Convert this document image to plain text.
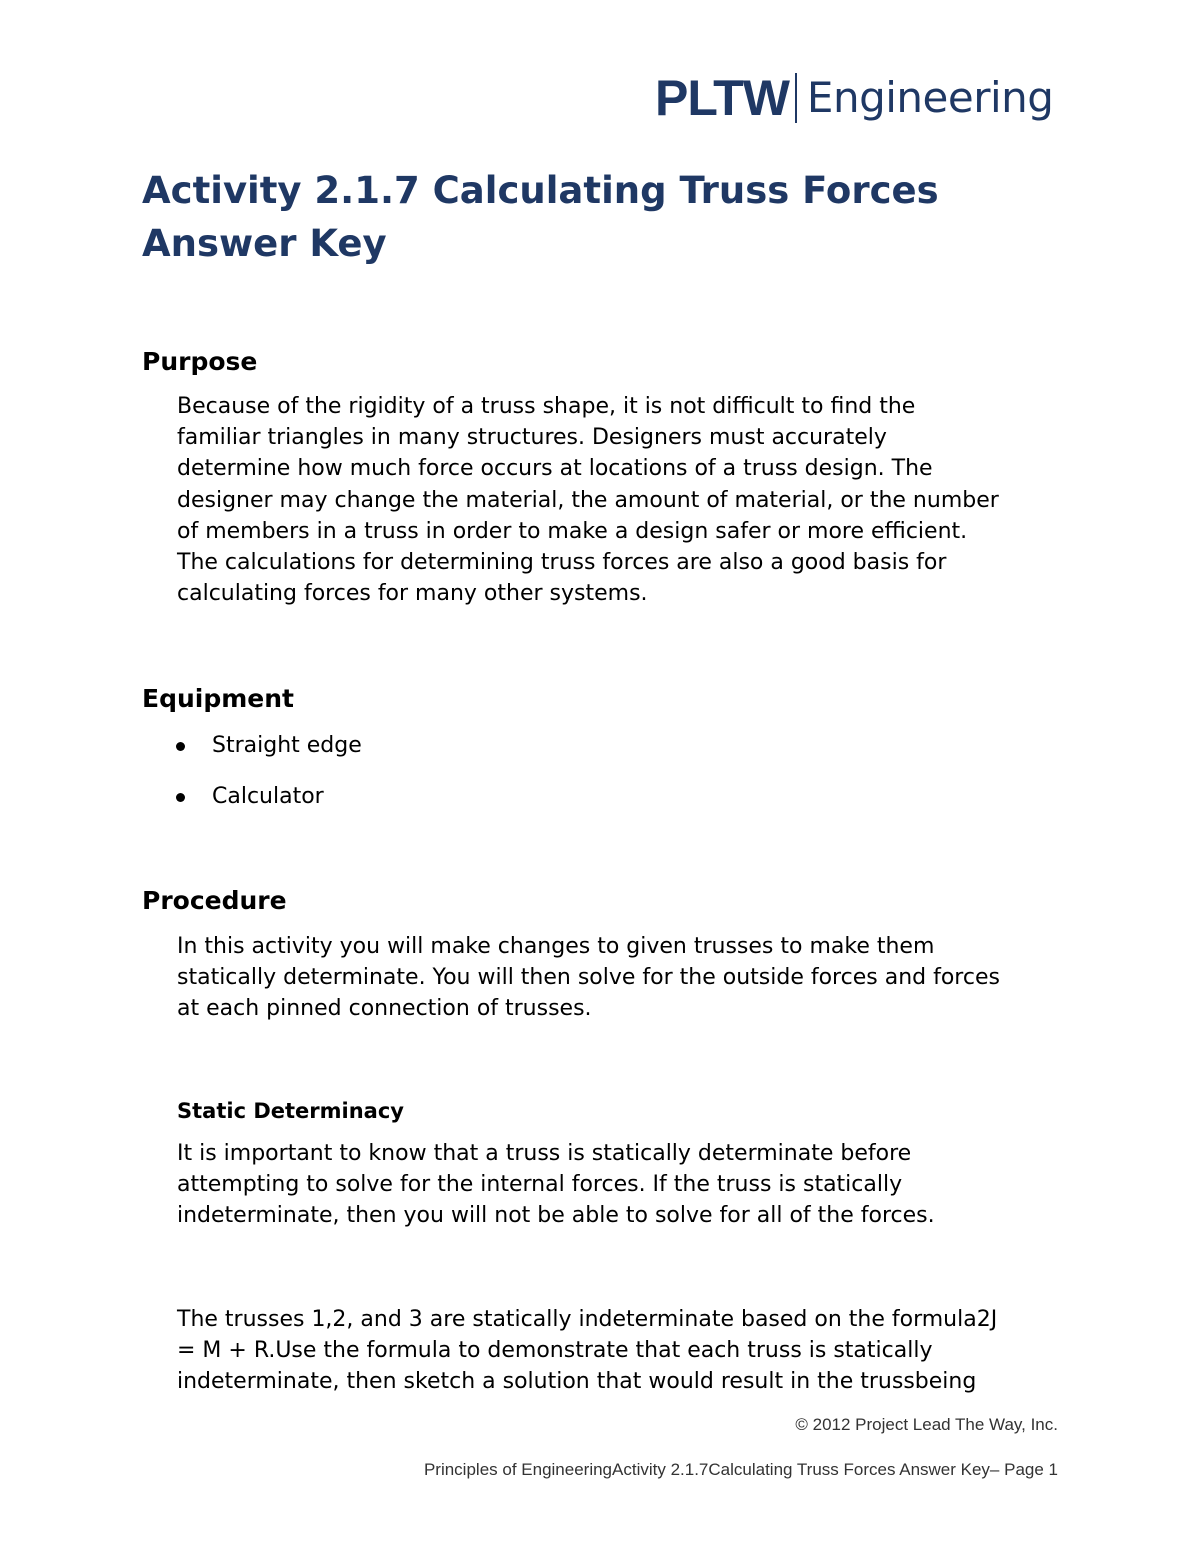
PLTW Engineering
Activity 2.1.7 Calculating Truss Forces
Answer Key
Purpose
Because of the rigidity of a truss shape, it is not difficult to find the
familiar triangles in many structures. Designers must accurately
determine how much force occurs at locations of a truss design. The
designer may change the material, the amount of material, or the number
of members in a truss in order to make a design safer or more efficient.
The calculations for determining truss forces are also a good basis for
calculating forces for many other systems.
Equipment
Straight edge
Calculator
Procedure
In this activity you will make changes to given trusses to make them
statically determinate. You will then solve for the outside forces and forces
at each pinned connection of trusses.
Static Determinacy
It is important to know that a truss is statically determinate before
attempting to solve for the internal forces. If the truss is statically
indeterminate, then you will not be able to solve for all of the forces.
The trusses 1,2, and 3 are statically indeterminate based on the formula2J
= M + R.Use the formula to demonstrate that each truss is statically
indeterminate, then sketch a solution that would result in the trussbeing
© 2012 Project Lead The Way, Inc.
Principles of EngineeringActivity 2.1.7Calculating Truss Forces Answer Key– Page 1
